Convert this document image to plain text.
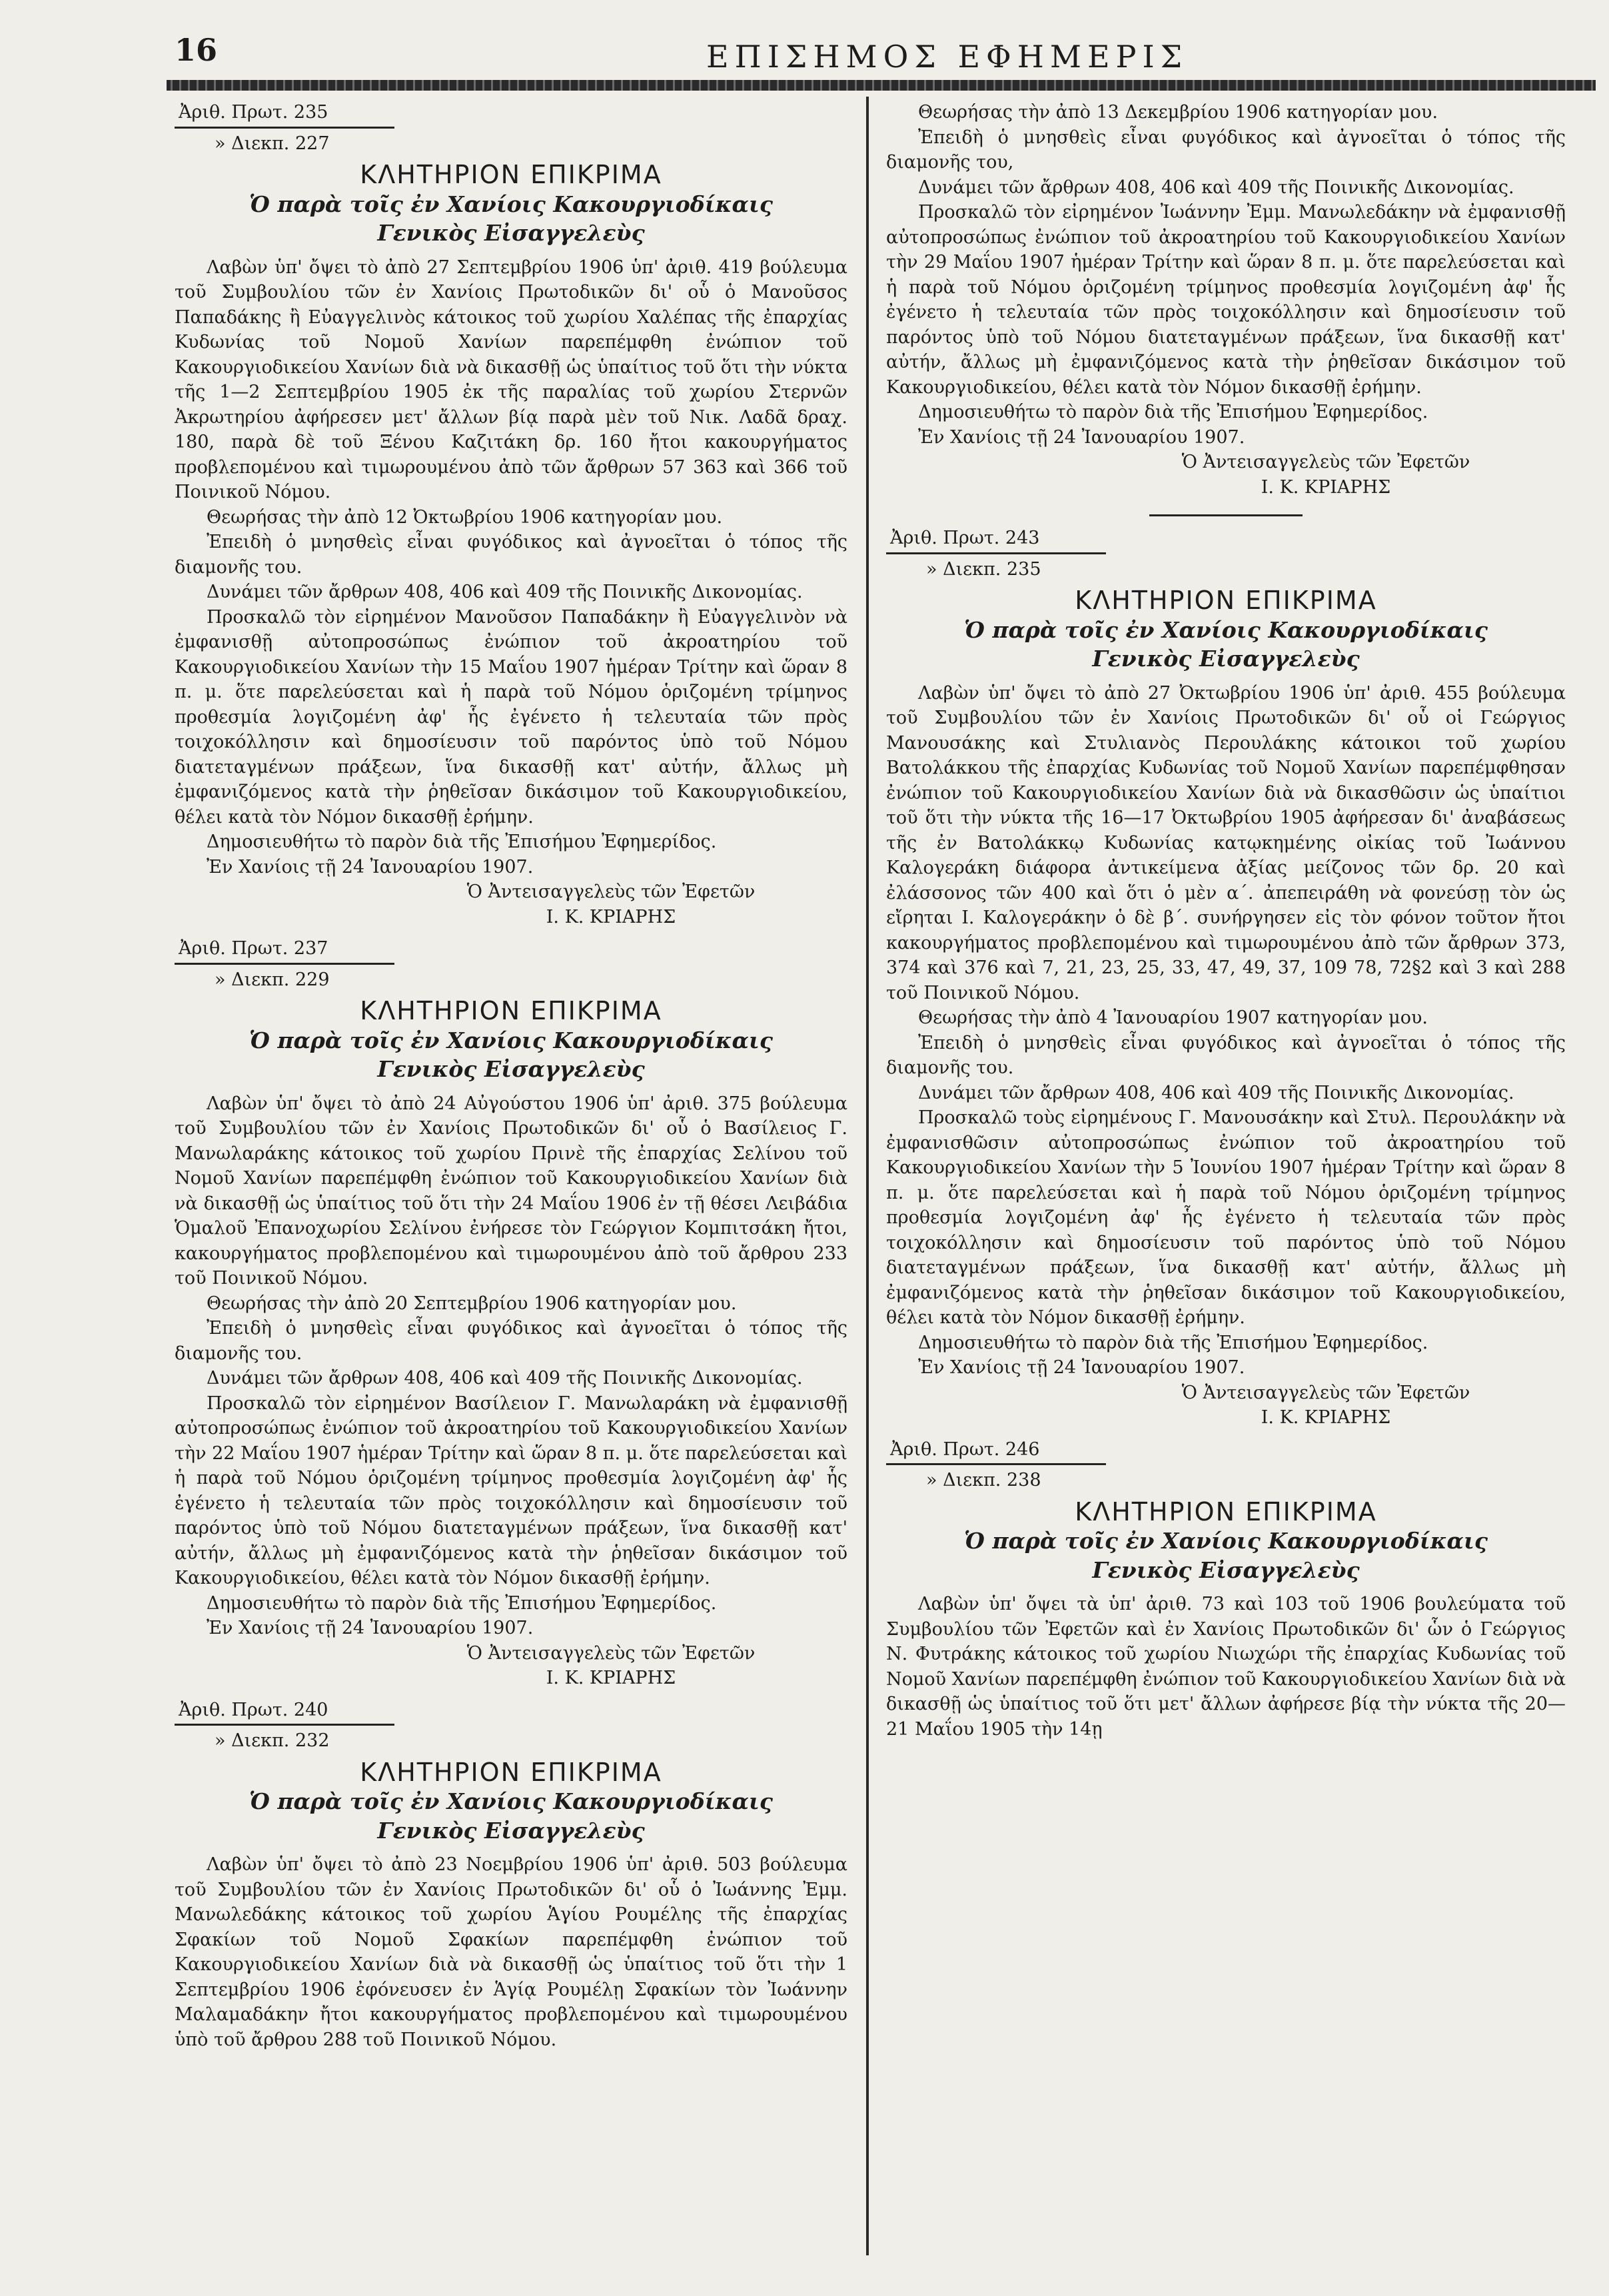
16	ΕΠΙΣΗΜΟΣ ΕΦΗΜΕΡΙΣ

Ἀριθ. Πρωτ. 235

» Διεκπ. 227

ΚΛΗΤΗΡΙΟΝ ΕΠΙΚΡΙΜΑ
Ὁ παρὰ τοῖς ἐν Χανίοις Κακουργιοδίκαις
Γενικὸς Εἰσαγγελεὺς

Λαβὼν ὑπ' ὄψει τὸ ἀπὸ 27 Σεπτεμβρίου 1906 ὑπ' ἀριθ. 419 βούλευμα τοῦ Συμβουλίου τῶν ἐν Χανίοις Πρωτοδικῶν δι' οὗ ὁ Μανοῦσος Παπαδάκης ἢ Εὐαγγελινὸς κάτοικος τοῦ χωρίου Χαλέπας τῆς ἐπαρχίας Κυδωνίας τοῦ Νομοῦ Χανίων παρεπέμφθη ἐνώπιον τοῦ Κακουργιοδικείου Χανίων διὰ νὰ δικασθῇ ὡς ὑπαίτιος τοῦ ὅτι τὴν νύκτα τῆς 1—2 Σεπτεμβρίου 1905 ἐκ τῆς παραλίας τοῦ χωρίου Στερνῶν Ἀκρωτηρίου ἀφήρεσεν μετ' ἄλλων βίᾳ παρὰ μὲν τοῦ Νικ. Λαδᾶ δραχ. 180, παρὰ δὲ τοῦ Ξένου Καζιτάκη δρ. 160 ἤτοι κακουργήματος προβλεπομένου καὶ τιμωρουμένου ἀπὸ τῶν ἄρθρων 57 363 καὶ 366 τοῦ Ποινικοῦ Νόμου.

Θεωρήσας τὴν ἀπὸ 12 Ὀκτωβρίου 1906 κατηγορίαν μου.

Ἐπειδὴ ὁ μνησθεὶς εἶναι φυγόδικος καὶ ἀγνοεῖται ὁ τόπος τῆς διαμονῆς του.

Δυνάμει τῶν ἄρθρων 408, 406 καὶ 409 τῆς Ποινικῆς Δικονομίας.

Προσκαλῶ τὸν εἰρημένον Μανοῦσον Παπαδάκην ἢ Εὐαγγελινὸν νὰ ἐμφανισθῇ αὐτοπροσώπως ἐνώπιον τοῦ ἀκροατηρίου τοῦ Κακουργιοδικείου Χανίων τὴν 15 Μαΐου 1907 ἡμέραν Τρίτην καὶ ὥραν 8 π. μ. ὅτε παρελεύσεται καὶ ἡ παρὰ τοῦ Νόμου ὁριζομένη τρίμηνος προθεσμία λογιζομένη ἀφ' ἧς ἐγένετο ἡ τελευταία τῶν πρὸς τοιχοκόλλησιν καὶ δημοσίευσιν τοῦ παρόντος ὑπὸ τοῦ Νόμου διατεταγμένων πράξεων, ἵνα δικασθῇ κατ' αὐτήν, ἄλλως μὴ ἐμφανιζόμενος κατὰ τὴν ῥηθεῖσαν δικάσιμον τοῦ Κακουργιοδικείου, θέλει κατὰ τὸν Νόμον δικασθῇ ἐρήμην.

Δημοσιευθήτω τὸ παρὸν διὰ τῆς Ἐπισήμου Ἐφημερίδος.

Ἐν Χανίοις τῇ 24 Ἰανουαρίου 1907.

Ὁ Ἀντεισαγγελεὺς τῶν Ἐφετῶν

Ι. Κ. ΚΡΙΑΡΗΣ

Ἀριθ. Πρωτ. 237

» Διεκπ. 229

ΚΛΗΤΗΡΙΟΝ ΕΠΙΚΡΙΜΑ
Ὁ παρὰ τοῖς ἐν Χανίοις Κακουργιοδίκαις
Γενικὸς Εἰσαγγελεὺς

Λαβὼν ὑπ' ὄψει τὸ ἀπὸ 24 Αὐγούστου 1906 ὑπ' ἀριθ. 375 βούλευμα τοῦ Συμβουλίου τῶν ἐν Χανίοις Πρωτοδικῶν δι' οὗ ὁ Βασίλειος Γ. Μανωλαράκης κάτοικος τοῦ χωρίου Πρινὲ τῆς ἐπαρχίας Σελίνου τοῦ Νομοῦ Χανίων παρεπέμφθη ἐνώπιον τοῦ Κακουργιοδικείου Χανίων διὰ νὰ δικασθῇ ὡς ὑπαίτιος τοῦ ὅτι τὴν 24 Μαΐου 1906 ἐν τῇ θέσει Λειβάδια Ὁμαλοῦ Ἐπανοχωρίου Σελίνου ἐνήρεσε τὸν Γεώργιον Κομπιτσάκη ἤτοι, κακουργήματος προβλεπομένου καὶ τιμωρουμένου ἀπὸ τοῦ ἄρθρου 233 τοῦ Ποινικοῦ Νόμου.

Θεωρήσας τὴν ἀπὸ 20 Σεπτεμβρίου 1906 κατηγορίαν μου.

Ἐπειδὴ ὁ μνησθεὶς εἶναι φυγόδικος καὶ ἀγνοεῖται ὁ τόπος τῆς διαμονῆς του.

Δυνάμει τῶν ἄρθρων 408, 406 καὶ 409 τῆς Ποινικῆς Δικονομίας.

Προσκαλῶ τὸν εἰρημένον Βασίλειον Γ. Μανωλαράκη νὰ ἐμφανισθῇ αὐτοπροσώπως ἐνώπιον τοῦ ἀκροατηρίου τοῦ Κακουργιοδικείου Χανίων τὴν 22 Μαΐου 1907 ἡμέραν Τρίτην καὶ ὥραν 8 π. μ. ὅτε παρελεύσεται καὶ ἡ παρὰ τοῦ Νόμου ὁριζομένη τρίμηνος προθεσμία λογιζομένη ἀφ' ἧς ἐγένετο ἡ τελευταία τῶν πρὸς τοιχοκόλλησιν καὶ δημοσίευσιν τοῦ παρόντος ὑπὸ τοῦ Νόμου διατεταγμένων πράξεων, ἵνα δικασθῇ κατ' αὐτήν, ἄλλως μὴ ἐμφανιζόμενος κατὰ τὴν ῥηθεῖσαν δικάσιμον τοῦ Κακουργιοδικείου, θέλει κατὰ τὸν Νόμον δικασθῇ ἐρήμην.

Δημοσιευθήτω τὸ παρὸν διὰ τῆς Ἐπισήμου Ἐφημερίδος.

Ἐν Χανίοις τῇ 24 Ἰανουαρίου 1907.

Ὁ Ἀντεισαγγελεὺς τῶν Ἐφετῶν

Ι. Κ. ΚΡΙΑΡΗΣ

Ἀριθ. Πρωτ. 240

» Διεκπ. 232

ΚΛΗΤΗΡΙΟΝ ΕΠΙΚΡΙΜΑ
Ὁ παρὰ τοῖς ἐν Χανίοις Κακουργιοδίκαις
Γενικὸς Εἰσαγγελεὺς

Λαβὼν ὑπ' ὄψει τὸ ἀπὸ 23 Νοεμβρίου 1906 ὑπ' ἀριθ. 503 βούλευμα τοῦ Συμβουλίου τῶν ἐν Χανίοις Πρωτοδικῶν δι' οὗ ὁ Ἰωάννης Ἐμμ. Μανωλεδάκης κάτοικος τοῦ χωρίου Ἁγίου Ρουμέλης τῆς ἐπαρχίας Σφακίων τοῦ Νομοῦ Σφακίων παρεπέμφθη ἐνώπιον τοῦ Κακουργιοδικείου Χανίων διὰ νὰ δικασθῇ ὡς ὑπαίτιος τοῦ ὅτι τὴν 1 Σεπτεμβρίου 1906 ἐφόνευσεν ἐν Ἁγίᾳ Ρουμέλῃ Σφακίων τὸν Ἰωάννην Μαλαμαδάκην ἤτοι κακουργήματος προβλεπομένου καὶ τιμωρουμένου ὑπὸ τοῦ ἄρθρου 288 τοῦ Ποινικοῦ Νόμου.

Θεωρήσας τὴν ἀπὸ 13 Δεκεμβρίου 1906 κατηγορίαν μου.

Ἐπειδὴ ὁ μνησθεὶς εἶναι φυγόδικος καὶ ἀγνοεῖται ὁ τόπος τῆς διαμονῆς του,

Δυνάμει τῶν ἄρθρων 408, 406 καὶ 409 τῆς Ποινικῆς Δικονομίας.

Προσκαλῶ τὸν εἰρημένον Ἰωάννην Ἐμμ. Μανωλεδάκην νὰ ἐμφανισθῇ αὐτοπροσώπως ἐνώπιον τοῦ ἀκροατηρίου τοῦ Κακουργιοδικείου Χανίων τὴν 29 Μαΐου 1907 ἡμέραν Τρίτην καὶ ὥραν 8 π. μ. ὅτε παρελεύσεται καὶ ἡ παρὰ τοῦ Νόμου ὁριζομένη τρίμηνος προθεσμία λογιζομένη ἀφ' ἧς ἐγένετο ἡ τελευταία τῶν πρὸς τοιχοκόλλησιν καὶ δημοσίευσιν τοῦ παρόντος ὑπὸ τοῦ Νόμου διατεταγμένων πράξεων, ἵνα δικασθῇ κατ' αὐτήν, ἄλλως μὴ ἐμφανιζόμενος κατὰ τὴν ῥηθεῖσαν δικάσιμον τοῦ Κακουργιοδικείου, θέλει κατὰ τὸν Νόμον δικασθῇ ἐρήμην.

Δημοσιευθήτω τὸ παρὸν διὰ τῆς Ἐπισήμου Ἐφημερίδος.

Ἐν Χανίοις τῇ 24 Ἰανουαρίου 1907.

Ὁ Ἀντεισαγγελεὺς τῶν Ἐφετῶν

Ι. Κ. ΚΡΙΑΡΗΣ

Ἀριθ. Πρωτ. 243

» Διεκπ. 235

ΚΛΗΤΗΡΙΟΝ ΕΠΙΚΡΙΜΑ
Ὁ παρὰ τοῖς ἐν Χανίοις Κακουργιοδίκαις
Γενικὸς Εἰσαγγελεὺς

Λαβὼν ὑπ' ὄψει τὸ ἀπὸ 27 Ὀκτωβρίου 1906 ὑπ' ἀριθ. 455 βούλευμα τοῦ Συμβουλίου τῶν ἐν Χανίοις Πρωτοδικῶν δι' οὗ οἱ Γεώργιος Μανουσάκης καὶ Στυλιανὸς Περουλάκης κάτοικοι τοῦ χωρίου Βατολάκκου τῆς ἐπαρχίας Κυδωνίας τοῦ Νομοῦ Χανίων παρεπέμφθησαν ἐνώπιον τοῦ Κακουργιοδικείου Χανίων διὰ νὰ δικασθῶσιν ὡς ὑπαίτιοι τοῦ ὅτι τὴν νύκτα τῆς 16—17 Ὀκτωβρίου 1905 ἀφήρεσαν δι' ἀναβάσεως τῆς ἐν Βατολάκκῳ Κυδωνίας κατῳκημένης οἰκίας τοῦ Ἰωάννου Καλογεράκη διάφορα ἀντικείμενα ἀξίας μείζονος τῶν δρ. 20 καὶ ἐλάσσονος τῶν 400 καὶ ὅτι ὁ μὲν α΄. ἀπεπειράθη νὰ φονεύσῃ τὸν ὡς εἴρηται Ι. Καλογεράκην ὁ δὲ β΄. συνήργησεν εἰς τὸν φόνον τοῦτον ἤτοι κακουργήματος προβλεπομένου καὶ τιμωρουμένου ἀπὸ τῶν ἄρθρων 373, 374 καὶ 376 καὶ 7, 21, 23, 25, 33, 47, 49, 37, 109 78, 72§2 καὶ 3 καὶ 288 τοῦ Ποινικοῦ Νόμου.

Θεωρήσας τὴν ἀπὸ 4 Ἰανουαρίου 1907 κατηγορίαν μου.

Ἐπειδὴ ὁ μνησθεὶς εἶναι φυγόδικος καὶ ἀγνοεῖται ὁ τόπος τῆς διαμονῆς του.

Δυνάμει τῶν ἄρθρων 408, 406 καὶ 409 τῆς Ποινικῆς Δικονομίας.

Προσκαλῶ τοὺς εἰρημένους Γ. Μανουσάκην καὶ Στυλ. Περουλάκην νὰ ἐμφανισθῶσιν αὐτοπροσώπως ἐνώπιον τοῦ ἀκροατηρίου τοῦ Κακουργιοδικείου Χανίων τὴν 5 Ἰουνίου 1907 ἡμέραν Τρίτην καὶ ὥραν 8 π. μ. ὅτε παρελεύσεται καὶ ἡ παρὰ τοῦ Νόμου ὁριζομένη τρίμηνος προθεσμία λογιζομένη ἀφ' ἧς ἐγένετο ἡ τελευταία τῶν πρὸς τοιχοκόλλησιν καὶ δημοσίευσιν τοῦ παρόντος ὑπὸ τοῦ Νόμου διατεταγμένων πράξεων, ἵνα δικασθῇ κατ' αὐτήν, ἄλλως μὴ ἐμφανιζόμενος κατὰ τὴν ῥηθεῖσαν δικάσιμον τοῦ Κακουργιοδικείου, θέλει κατὰ τὸν Νόμον δικασθῇ ἐρήμην.

Δημοσιευθήτω τὸ παρὸν διὰ τῆς Ἐπισήμου Ἐφημερίδος.

Ἐν Χανίοις τῇ 24 Ἰανουαρίου 1907.

Ὁ Ἀντεισαγγελεὺς τῶν Ἐφετῶν

Ι. Κ. ΚΡΙΑΡΗΣ

Ἀριθ. Πρωτ. 246

» Διεκπ. 238

ΚΛΗΤΗΡΙΟΝ ΕΠΙΚΡΙΜΑ
Ὁ παρὰ τοῖς ἐν Χανίοις Κακουργιοδίκαις
Γενικὸς Εἰσαγγελεὺς

Λαβὼν ὑπ' ὄψει τὰ ὑπ' ἀριθ. 73 καὶ 103 τοῦ 1906 βουλεύματα τοῦ Συμβουλίου τῶν Ἐφετῶν καὶ ἐν Χανίοις Πρωτοδικῶν δι' ὧν ὁ Γεώργιος Ν. Φυτράκης κάτοικος τοῦ χωρίου Νιωχώρι τῆς ἐπαρχίας Κυδωνίας τοῦ Νομοῦ Χανίων παρεπέμφθη ἐνώπιον τοῦ Κακουργιοδικείου Χανίων διὰ νὰ δικασθῇ ὡς ὑπαίτιος τοῦ ὅτι μετ' ἄλλων ἀφήρεσε βίᾳ τὴν νύκτα τῆς 20—21 Μαΐου 1905 τὴν 14ῃ
